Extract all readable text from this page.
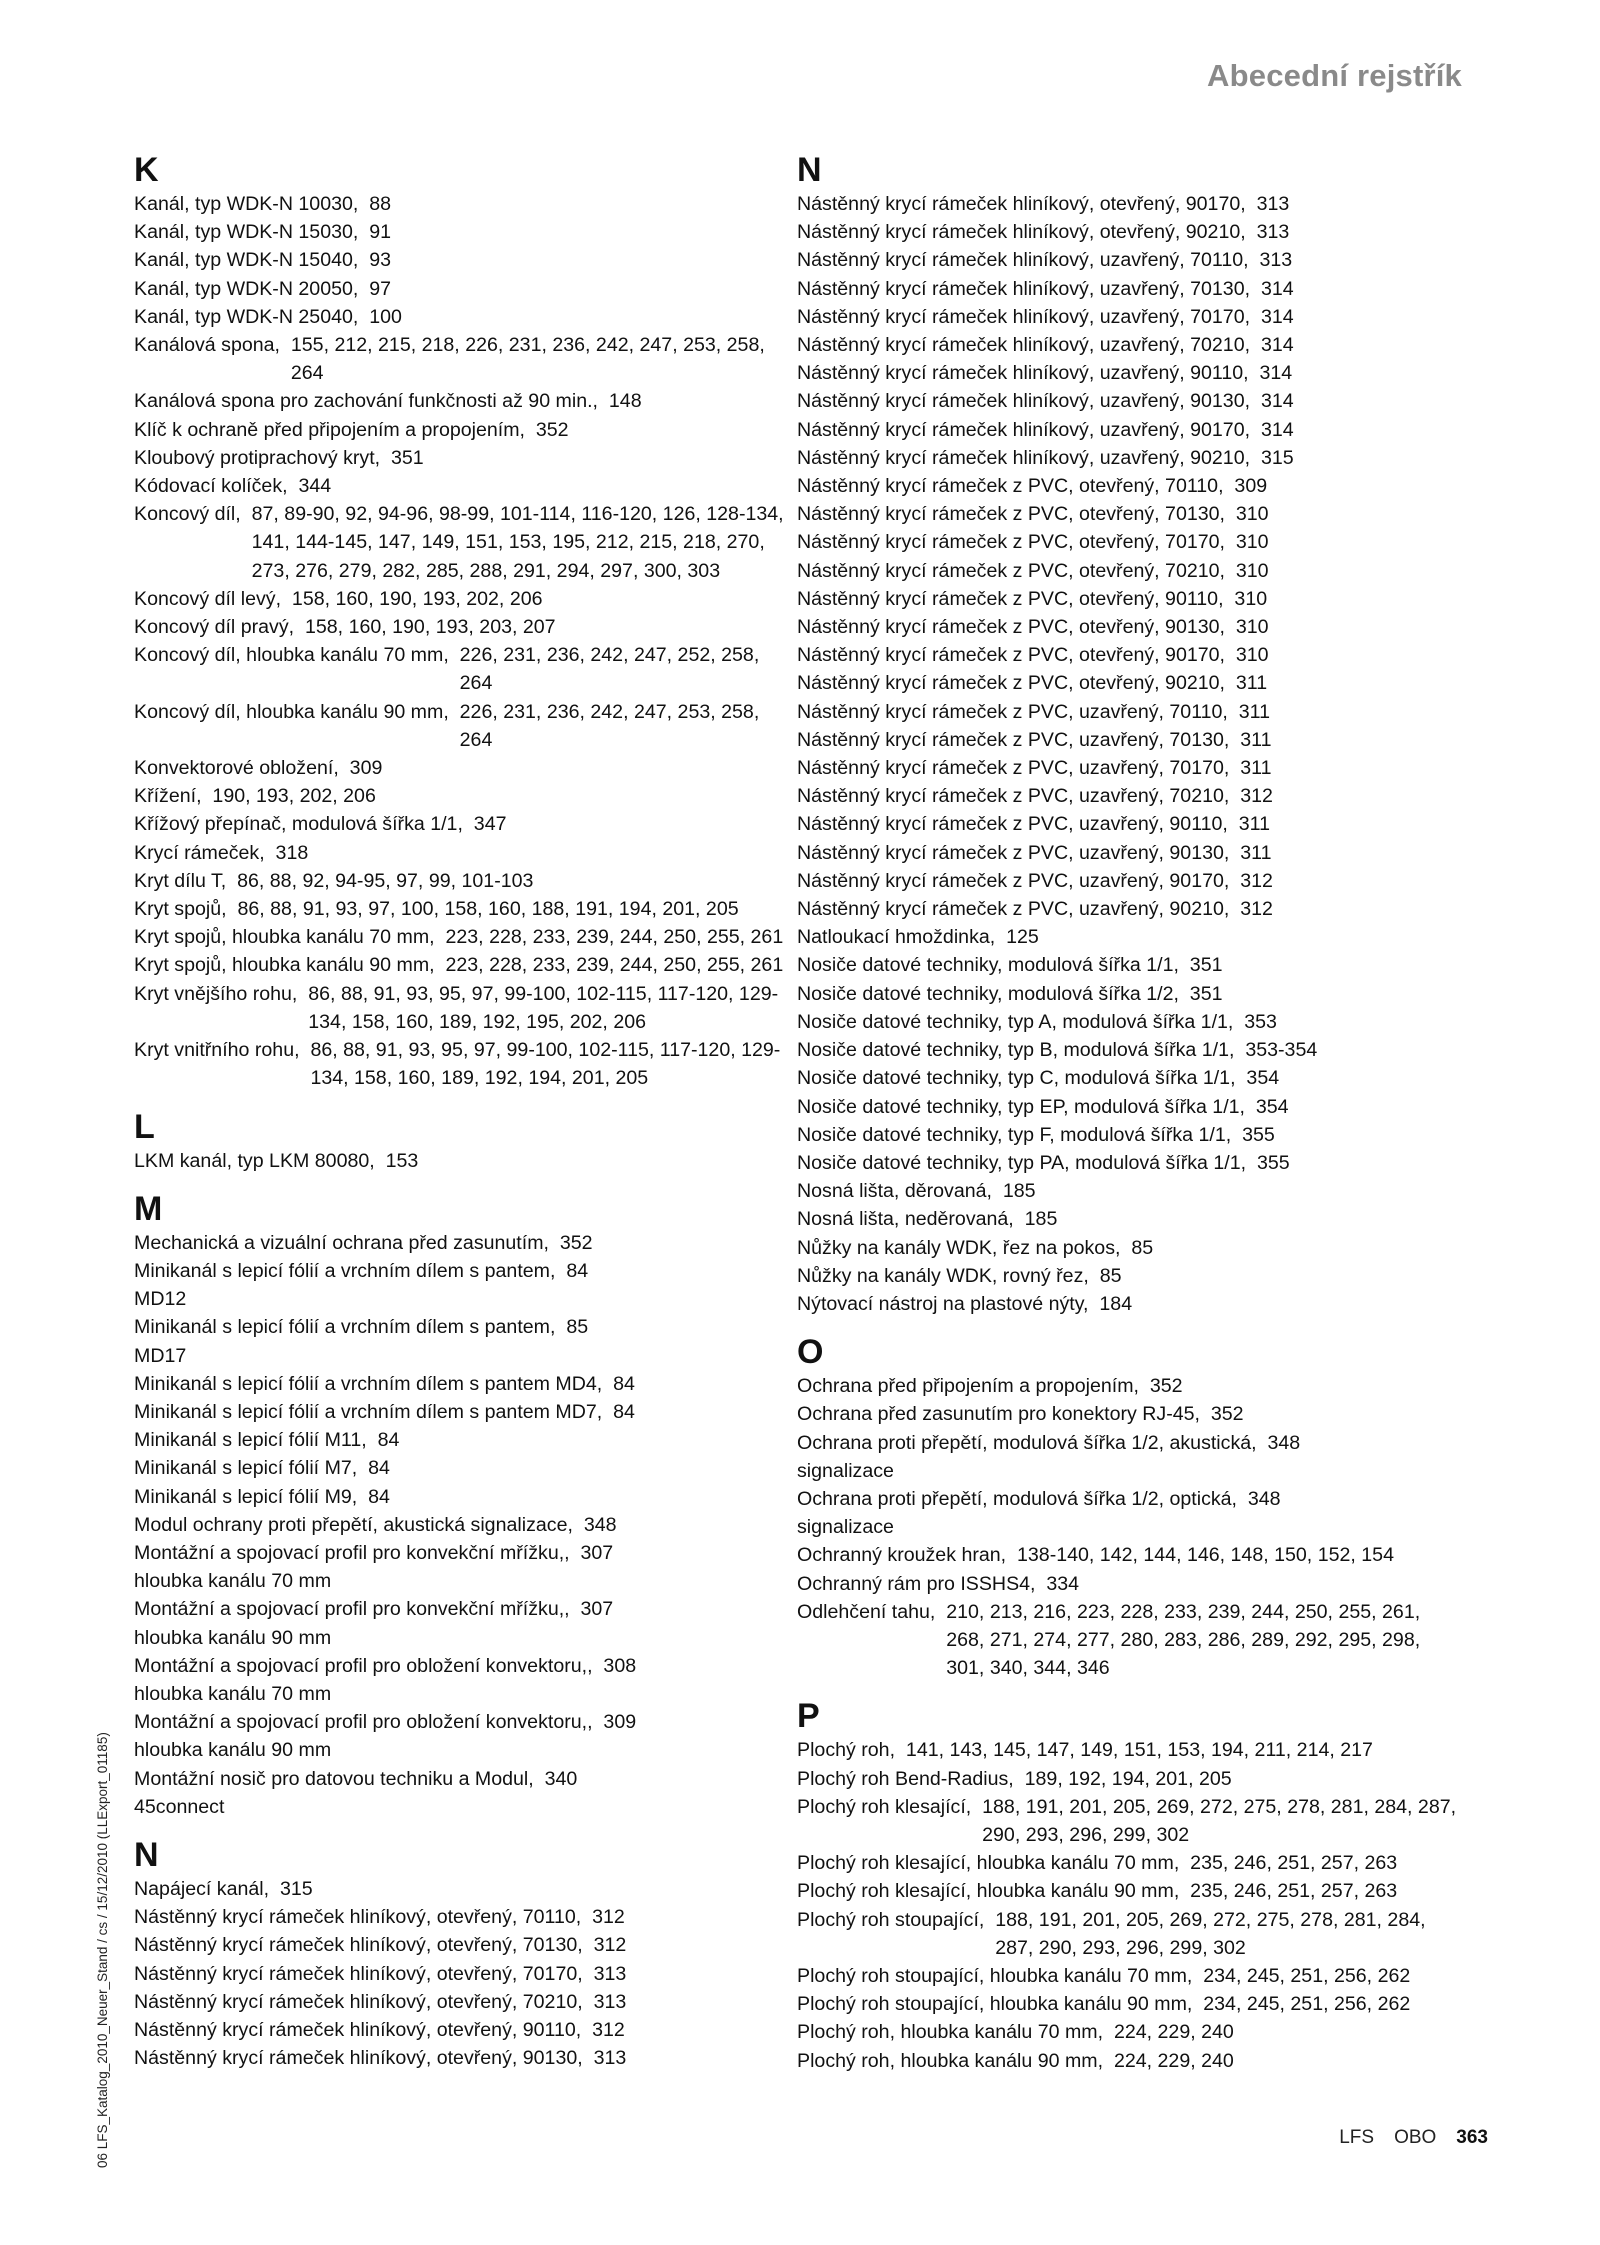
Abecední rejstřík
K
Kanál, typ WDK-N 10030, 88
Kanál, typ WDK-N 15030, 91
Kanál, typ WDK-N 15040, 93
Kanál, typ WDK-N 20050, 97
Kanál, typ WDK-N 25040, 100
Kanálová spona,
155, 212, 215, 218, 226, 231, 236, 242, 247, 253, 258, 264
Kanálová spona pro zachování funkčnosti až 90 min., 148
Klíč k ochraně před připojením a propojením, 352
Kloubový protiprachový kryt, 351
Kódovací kolíček, 344
Koncový díl,
87, 89-90, 92, 94-96, 98-99, 101-114, 116-120, 126, 128-134, 141, 144-145, 147, 149, 151, 153, 195, 212, 215, 218, 270, 273, 276, 279, 282, 285, 288, 291, 294, 297, 300, 303
Koncový díl levý, 158, 160, 190, 193, 202, 206
Koncový díl pravý, 158, 160, 190, 193, 203, 207
Koncový díl, hloubka kanálu 70 mm,
226, 231, 236, 242, 247, 252, 258, 264
Koncový díl, hloubka kanálu 90 mm,
226, 231, 236, 242, 247, 253, 258, 264
Konvektorové obložení, 309
Křížení, 190, 193, 202, 206
Křížový přepínač, modulová šířka 1/1, 347
Krycí rámeček, 318
Kryt dílu T, 86, 88, 92, 94-95, 97, 99, 101-103
Kryt spojů,
86, 88, 91, 93, 97, 100, 158, 160, 188, 191, 194, 201, 205
Kryt spojů, hloubka kanálu 70 mm,
223, 228, 233, 239, 244, 250, 255, 261
Kryt spojů, hloubka kanálu 90 mm,
223, 228, 233, 239, 244, 250, 255, 261
Kryt vnějšího rohu,
86, 88, 91, 93, 95, 97, 99-100, 102-115, 117-120, 129-134, 158, 160, 189, 192, 195, 202, 206
Kryt vnitřního rohu,
86, 88, 91, 93, 95, 97, 99-100, 102-115, 117-120, 129-134, 158, 160, 189, 192, 194, 201, 205
L
LKM kanál, typ LKM 80080, 153
M
Mechanická a vizuální ochrana před zasunutím, 352
Minikanál s lepicí fólií a vrchním dílem s pantem, 84
MD12
Minikanál s lepicí fólií a vrchním dílem s pantem, 85
MD17
Minikanál s lepicí fólií a vrchním dílem s pantem MD4, 84
Minikanál s lepicí fólií a vrchním dílem s pantem MD7, 84
Minikanál s lepicí fólií M11, 84
Minikanál s lepicí fólií M7, 84
Minikanál s lepicí fólií M9, 84
Modul ochrany proti přepětí, akustická signalizace, 348
Montážní a spojovací profil pro konvekční mřížku,, 307
hloubka kanálu 70 mm
Montážní a spojovací profil pro konvekční mřížku,, 307
hloubka kanálu 90 mm
Montážní a spojovací profil pro obložení konvektoru,, 308
hloubka kanálu 70 mm
Montážní a spojovací profil pro obložení konvektoru,, 309
hloubka kanálu 90 mm
Montážní nosič pro datovou techniku a Modul, 340
45connect
N
Napájecí kanál, 315
Nástěnný krycí rámeček hliníkový, otevřený, 70110, 312
Nástěnný krycí rámeček hliníkový, otevřený, 70130, 312
Nástěnný krycí rámeček hliníkový, otevřený, 70170, 313
Nástěnný krycí rámeček hliníkový, otevřený, 70210, 313
Nástěnný krycí rámeček hliníkový, otevřený, 90110, 312
Nástěnný krycí rámeček hliníkový, otevřený, 90130, 313
N
Nástěnný krycí rámeček hliníkový, otevřený, 90170, 313
Nástěnný krycí rámeček hliníkový, otevřený, 90210, 313
Nástěnný krycí rámeček hliníkový, uzavřený, 70110, 313
Nástěnný krycí rámeček hliníkový, uzavřený, 70130, 314
Nástěnný krycí rámeček hliníkový, uzavřený, 70170, 314
Nástěnný krycí rámeček hliníkový, uzavřený, 70210, 314
Nástěnný krycí rámeček hliníkový, uzavřený, 90110, 314
Nástěnný krycí rámeček hliníkový, uzavřený, 90130, 314
Nástěnný krycí rámeček hliníkový, uzavřený, 90170, 314
Nástěnný krycí rámeček hliníkový, uzavřený, 90210, 315
Nástěnný krycí rámeček z PVC, otevřený, 70110, 309
Nástěnný krycí rámeček z PVC, otevřený, 70130, 310
Nástěnný krycí rámeček z PVC, otevřený, 70170, 310
Nástěnný krycí rámeček z PVC, otevřený, 70210, 310
Nástěnný krycí rámeček z PVC, otevřený, 90110, 310
Nástěnný krycí rámeček z PVC, otevřený, 90130, 310
Nástěnný krycí rámeček z PVC, otevřený, 90170, 310
Nástěnný krycí rámeček z PVC, otevřený, 90210, 311
Nástěnný krycí rámeček z PVC, uzavřený, 70110, 311
Nástěnný krycí rámeček z PVC, uzavřený, 70130, 311
Nástěnný krycí rámeček z PVC, uzavřený, 70170, 311
Nástěnný krycí rámeček z PVC, uzavřený, 70210, 312
Nástěnný krycí rámeček z PVC, uzavřený, 90110, 311
Nástěnný krycí rámeček z PVC, uzavřený, 90130, 311
Nástěnný krycí rámeček z PVC, uzavřený, 90170, 312
Nástěnný krycí rámeček z PVC, uzavřený, 90210, 312
Natloukací hmoždinka, 125
Nosiče datové techniky, modulová šířka 1/1, 351
Nosiče datové techniky, modulová šířka 1/2, 351
Nosiče datové techniky, typ A, modulová šířka 1/1, 353
Nosiče datové techniky, typ B, modulová šířka 1/1, 353-354
Nosiče datové techniky, typ C, modulová šířka 1/1, 354
Nosiče datové techniky, typ EP, modulová šířka 1/1, 354
Nosiče datové techniky, typ F, modulová šířka 1/1, 355
Nosiče datové techniky, typ PA, modulová šířka 1/1, 355
Nosná lišta, děrovaná, 185
Nosná lišta, neděrovaná, 185
Nůžky na kanály WDK, řez na pokos, 85
Nůžky na kanály WDK, rovný řez, 85
Nýtovací nástroj na plastové nýty, 184
O
Ochrana před připojením a propojením, 352
Ochrana před zasunutím pro konektory RJ-45, 352
Ochrana proti přepětí, modulová šířka 1/2, akustická, 348
signalizace
Ochrana proti přepětí, modulová šířka 1/2, optická, 348
signalizace
Ochranný kroužek hran,
138-140, 142, 144, 146, 148, 150, 152, 154
Ochranný rám pro ISSHS4, 334
Odlehčení tahu,
210, 213, 216, 223, 228, 233, 239, 244, 250, 255, 261, 268, 271, 274, 277, 280, 283, 286, 289, 292, 295, 298, 301, 340, 344, 346
P
Plochý roh, 141, 143, 145, 147, 149, 151, 153, 194, 211, 214, 217
Plochý roh Bend-Radius, 189, 192, 194, 201, 205
Plochý roh klesající,
188, 191, 201, 205, 269, 272, 275, 278, 281, 284, 287, 290, 293, 296, 299, 302
Plochý roh klesající, hloubka kanálu 70 mm,
235, 246, 251, 257, 263
Plochý roh klesající, hloubka kanálu 90 mm,
235, 246, 251, 257, 263
Plochý roh stoupající,
188, 191, 201, 205, 269, 272, 275, 278, 281, 284, 287, 290, 293, 296, 299, 302
Plochý roh stoupající, hloubka kanálu 70 mm,
234, 245, 251, 256, 262
Plochý roh stoupající, hloubka kanálu 90 mm,
234, 245, 251, 256, 262
Plochý roh, hloubka kanálu 70 mm, 224, 229, 240
Plochý roh, hloubka kanálu 90 mm, 224, 229, 240
06 LFS_Katalog_2010_Neuer_Stand / cs / 15/12/2010 (LLExport_01185)	LFS OBO 363
